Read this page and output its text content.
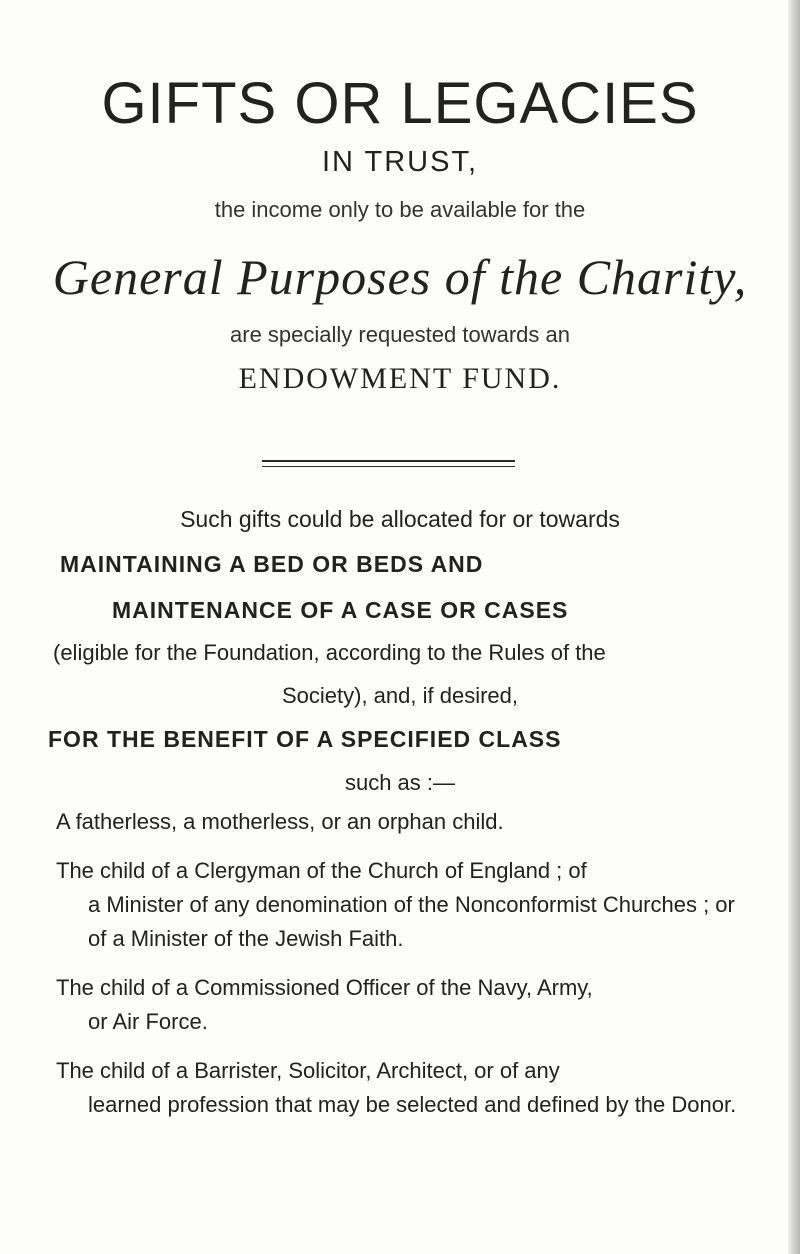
GIFTS OR LEGACIES
IN TRUST,
the income only to be available for the
General Purposes of the Charity,
are specially requested towards an
ENDOWMENT FUND.
Such gifts could be allocated for or towards
MAINTAINING A BED OR BEDS AND
MAINTENANCE OF A CASE OR CASES
(eligible for the Foundation, according to the Rules of the
Society), and, if desired,
FOR THE BENEFIT OF A SPECIFIED CLASS
such as :—
A fatherless, a motherless, or an orphan child.
The child of a Clergyman of the Church of England ; of
a Minister of any denomination of the Nonconformist Churches ; or of a Minister of the Jewish Faith.
The child of a Commissioned Officer of the Navy, Army,
or Air Force.
The child of a Barrister, Solicitor, Architect, or of any
learned profession that may be selected and defined by the Donor.
